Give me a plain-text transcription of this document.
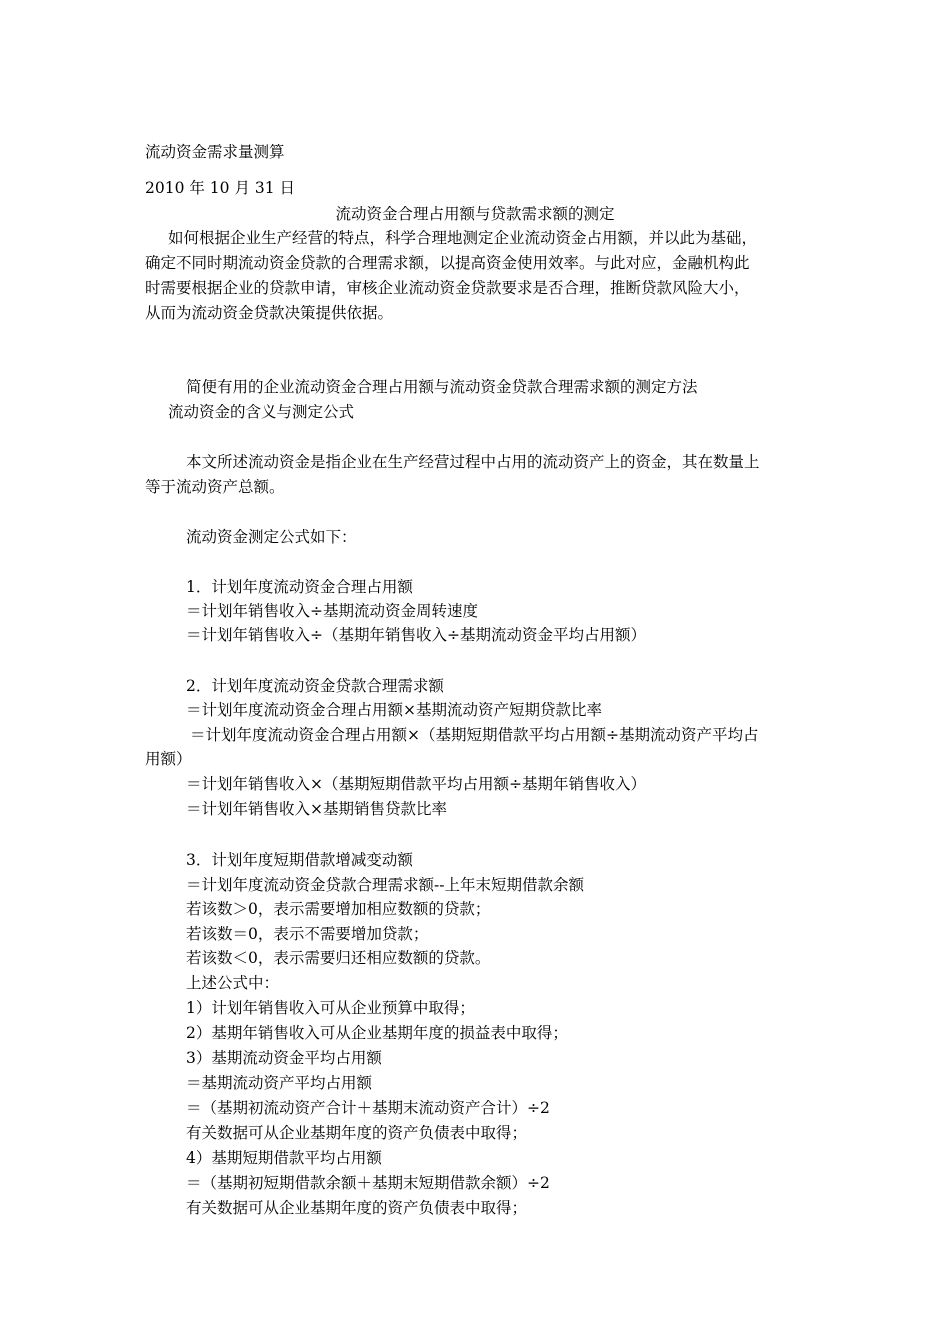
流动资金需求量测算
2010 年 10 月 31 日
流动资金合理占用额与贷款需求额的测定
如何根据企业生产经营的特点，科学合理地测定企业流动资金占用额，并以此为基础，
确定不同时期流动资金贷款的合理需求额，以提高资金使用效率。与此对应，金融机构此
时需要根据企业的贷款申请，审核企业流动资金贷款要求是否合理，推断贷款风险大小，
从而为流动资金贷款决策提供依据。
简便有用的企业流动资金合理占用额与流动资金贷款合理需求额的测定方法
流动资金的含义与测定公式
本文所述流动资金是指企业在生产经营过程中占用的流动资产上的资金，其在数量上
等于流动资产总额。
流动资金测定公式如下：
1．计划年度流动资金合理占用额
＝计划年销售收入÷基期流动资金周转速度
＝计划年销售收入÷（基期年销售收入÷基期流动资金平均占用额）
2．计划年度流动资金贷款合理需求额
＝计划年度流动资金合理占用额×基期流动资产短期贷款比率
＝计划年度流动资金合理占用额×（基期短期借款平均占用额÷基期流动资产平均占
用额）
＝计划年销售收入×（基期短期借款平均占用额÷基期年销售收入）
＝计划年销售收入×基期销售贷款比率
3．计划年度短期借款增减变动额
＝计划年度流动资金贷款合理需求额--上年末短期借款余额
若该数＞0，表示需要增加相应数额的贷款；
若该数＝0，表示不需要增加贷款；
若该数＜0，表示需要归还相应数额的贷款。
上述公式中：
1）计划年销售收入可从企业预算中取得；
2）基期年销售收入可从企业基期年度的损益表中取得；
3）基期流动资金平均占用额
＝基期流动资产平均占用额
＝（基期初流动资产合计＋基期末流动资产合计）÷2
有关数据可从企业基期年度的资产负债表中取得；
4）基期短期借款平均占用额
＝（基期初短期借款余额＋基期末短期借款余额）÷2
有关数据可从企业基期年度的资产负债表中取得；
